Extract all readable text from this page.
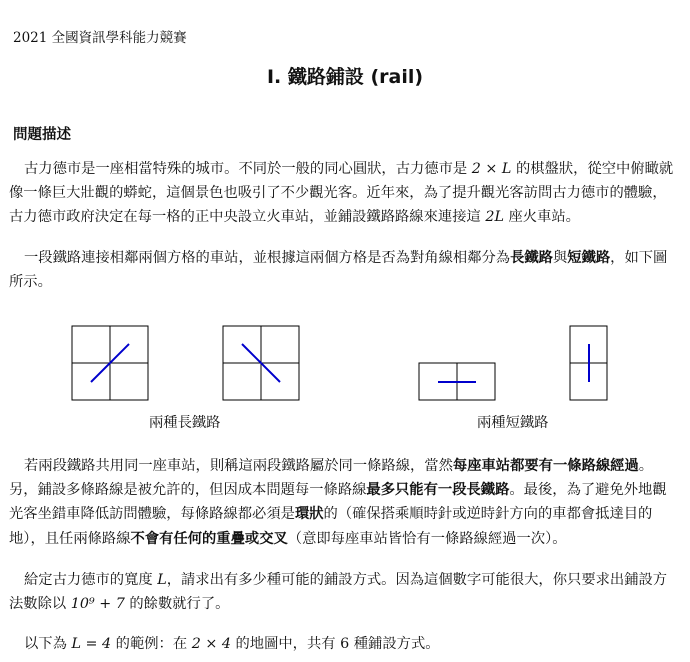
2021 全國資訊學科能力競賽
I. 鐵路鋪設 (rail)
問題描述

古力德市是一座相當特殊的城市。不同於一般的同心圓狀，古力德市是 2 × L 的棋盤狀，從空中俯瞰就像一條巨大壯觀的蟒蛇，這個景色也吸引了不少觀光客。近年來，為了提升觀光客訪問古力德市的體驗，古力德市政府決定在每一格的正中央設立火車站，並鋪設鐵路路線來連接這 2L 座火車站。

一段鐵路連接相鄰兩個方格的車站，並根據這兩個方格是否為對角線相鄰分為長鐵路與短鐵路，如下圖所示。

兩種長鐵路	兩種短鐵路

若兩段鐵路共用同一座車站，則稱這兩段鐵路屬於同一條路線，當然每座車站都要有一條路線經過。另，鋪設多條路線是被允許的，但因成本問題每一條路線最多只能有一段長鐵路。最後，為了避免外地觀光客坐錯車降低訪問體驗，每條路線都必須是環狀的（確保搭乘順時針或逆時針方向的車都會抵達目的地），且任兩條路線不會有任何的重疊或交叉（意即每座車站皆恰有一條路線經過一次）。

給定古力德市的寬度 L，請求出有多少種可能的鋪設方式。因為這個數字可能很大，你只要求出鋪設方法數除以 10⁹ + 7 的餘數就行了。

以下為 L = 4 的範例：在 2 × 4 的地圖中，共有 6 種鋪設方式。
